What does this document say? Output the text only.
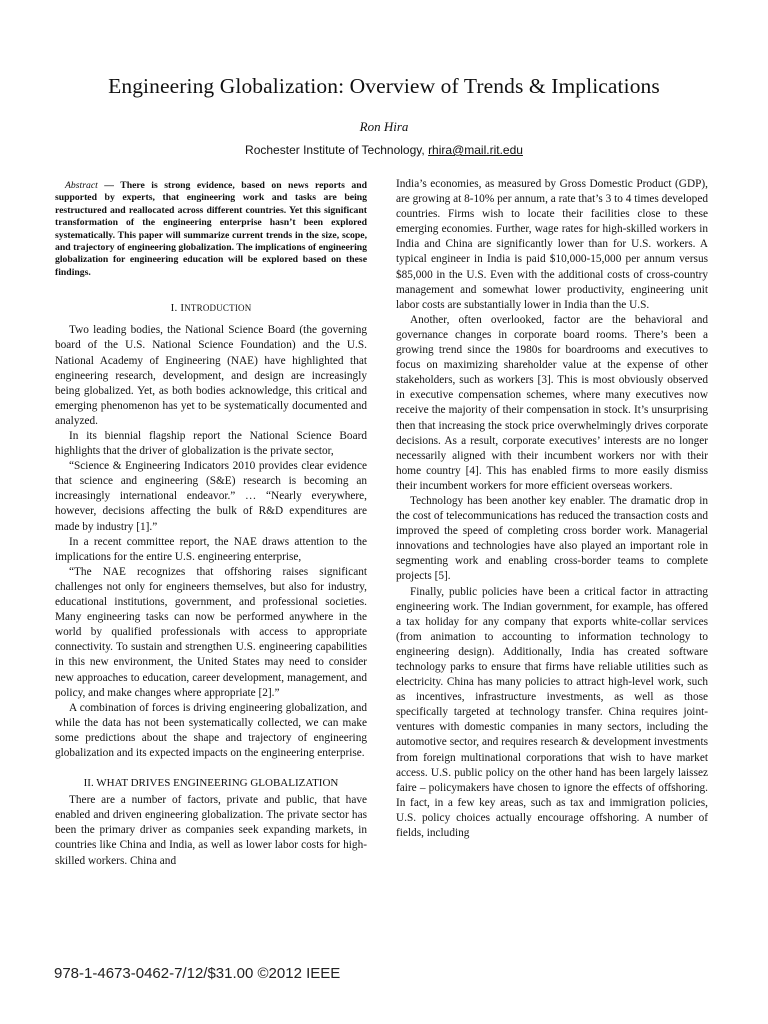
Engineering Globalization: Overview of Trends & Implications
Ron Hira
Rochester Institute of Technology, rhira@mail.rit.edu

Abstract — There is strong evidence, based on news reports and supported by experts, that engineering work and tasks are being restructured and reallocated across different countries. Yet this significant transformation of the engineering enterprise hasn’t been explored systematically. This paper will summarize current trends in the size, scope, and trajectory of engineering globalization. The implications of engineering globalization for engineering education will be explored based on these findings.

I. INTRODUCTION

Two leading bodies, the National Science Board (the governing board of the U.S. National Science Foundation) and the U.S. National Academy of Engineering (NAE) have highlighted that engineering research, development, and design are increasingly being globalized. Yet, as both bodies acknowledge, this critical and emerging phenomenon has yet to be systematically documented and analyzed.

In its biennial flagship report the National Science Board highlights that the driver of globalization is the private sector,

“Science & Engineering Indicators 2010 provides clear evidence that science and engineering (S&E) research is becoming an increasingly international endeavor.” … “Nearly everywhere, however, decisions affecting the bulk of R&D expenditures are made by industry [1].”

In a recent committee report, the NAE draws attention to the implications for the entire U.S. engineering enterprise,

“The NAE recognizes that offshoring raises significant challenges not only for engineers themselves, but also for industry, educational institutions, government, and professional societies. Many engineering tasks can now be performed anywhere in the world by qualified professionals with access to appropriate connectivity. To sustain and strengthen U.S. engineering capabilities in this new environment, the United States may need to consider new approaches to education, career development, management, and policy, and make changes where appropriate [2].”

A combination of forces is driving engineering globalization, and while the data has not been systematically collected, we can make some predictions about the shape and trajectory of engineering globalization and its expected impacts on the engineering enterprise.

II. WHAT DRIVES ENGINEERING GLOBALIZATION

There are a number of factors, private and public, that have enabled and driven engineering globalization. The private sector has been the primary driver as companies seek expanding markets, in countries like China and India, as well as lower labor costs for high-skilled workers. China and

India’s economies, as measured by Gross Domestic Product (GDP), are growing at 8-10% per annum, a rate that’s 3 to 4 times developed countries. Firms wish to locate their facilities close to these emerging economies. Further, wage rates for high-skilled workers in India and China are significantly lower than for U.S. workers. A typical engineer in India is paid $10,000-15,000 per annum versus $85,000 in the U.S. Even with the additional costs of cross-country management and somewhat lower productivity, engineering unit labor costs are substantially lower in India than the U.S.

Another, often overlooked, factor are the behavioral and governance changes in corporate board rooms. There’s been a growing trend since the 1980s for boardrooms and executives to focus on maximizing shareholder value at the expense of other stakeholders, such as workers [3]. This is most obviously observed in executive compensation schemes, where many executives now receive the majority of their compensation in stock. It’s unsurprising then that increasing the stock price overwhelmingly drives corporate decisions. As a result, corporate executives’ interests are no longer necessarily aligned with their incumbent workers nor with their home country [4]. This has enabled firms to more easily dismiss their incumbent workers for more efficient overseas workers.

Technology has been another key enabler. The dramatic drop in the cost of telecommunications has reduced the transaction costs and improved the speed of completing cross border work. Managerial innovations and technologies have also played an important role in segmenting work and enabling cross-border teams to complete projects [5].

Finally, public policies have been a critical factor in attracting engineering work. The Indian government, for example, has offered a tax holiday for any company that exports white-collar services (from animation to accounting to information technology to engineering design). Additionally, India has created software technology parks to ensure that firms have reliable utilities such as electricity. China has many policies to attract high-level work, such as incentives, infrastructure investments, as well as those specifically targeted at technology transfer. China requires joint-ventures with domestic companies in many sectors, including the automotive sector, and requires research & development investments from foreign multinational corporations that wish to have market access. U.S. public policy on the other hand has been largely laissez faire – policymakers have chosen to ignore the effects of offshoring. In fact, in a few key areas, such as tax and immigration policies, U.S. policy choices actually encourage offshoring. A number of fields, including

978-1-4673-0462-7/12/$31.00 ©2012 IEEE
